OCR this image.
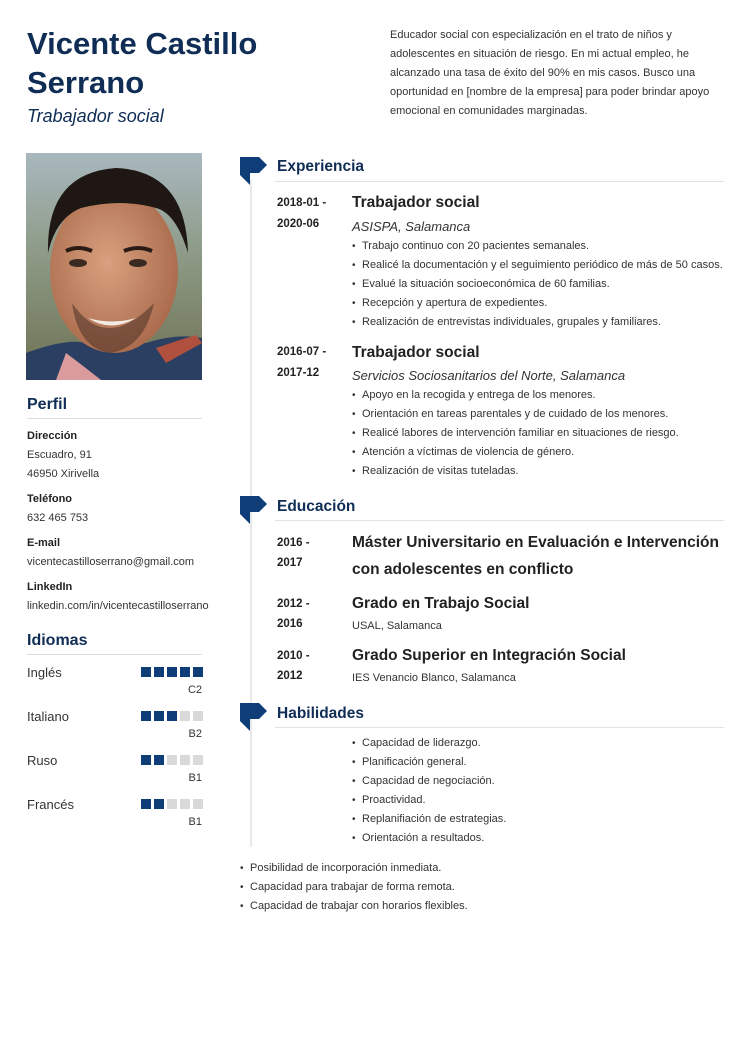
Vicente Castillo Serrano
Trabajador social
Educador social con especialización en el trato de niños y adolescentes en situación de riesgo. En mi actual empleo, he alcanzado una tasa de éxito del 90% en mis casos. Busco una oportunidad en [nombre de la empresa] para poder brindar apoyo emocional en comunidades marginadas.
Perfil
Dirección
Escuadro, 91
46950 Xirivella
Teléfono
632 465 753
E-mail
vicentecastilloserrano@gmail.com
LinkedIn
linkedin.com/in/vicentecastilloserrano
Idiomas
Inglés
C2
Italiano
B2
Ruso
B1
Francés
B1
Experiencia
2018-01 -
2020-06
Trabajador social
ASISPA, Salamanca
• Trabajo continuo con 20 pacientes semanales.
• Realicé la documentación y el seguimiento periódico de más de 50 casos.
• Evalué la situación socioeconómica de 60 familias.
• Recepción y apertura de expedientes.
• Realización de entrevistas individuales, grupales y familiares.
2016-07 -
2017-12
Trabajador social
Servicios Sociosanitarios del Norte, Salamanca
• Apoyo en la recogida y entrega de los menores.
• Orientación en tareas parentales y de cuidado de los menores.
• Realicé labores de intervención familiar en situaciones de riesgo.
• Atención a víctimas de violencia de género.
• Realización de visitas tuteladas.
Educación
2016 -
2017
Máster Universitario en Evaluación e Intervención con adolescentes en conflicto
2012 -
2016
Grado en Trabajo Social
USAL, Salamanca
2010 -
2012
Grado Superior en Integración Social
IES Venancio Blanco, Salamanca
Habilidades
• Capacidad de liderazgo.
• Planificación general.
• Capacidad de negociación.
• Proactividad.
• Replanifiación de estrategias.
• Orientación a resultados.
• Posibilidad de incorporación inmediata.
• Capacidad para trabajar de forma remota.
• Capacidad de trabajar con horarios flexibles.
